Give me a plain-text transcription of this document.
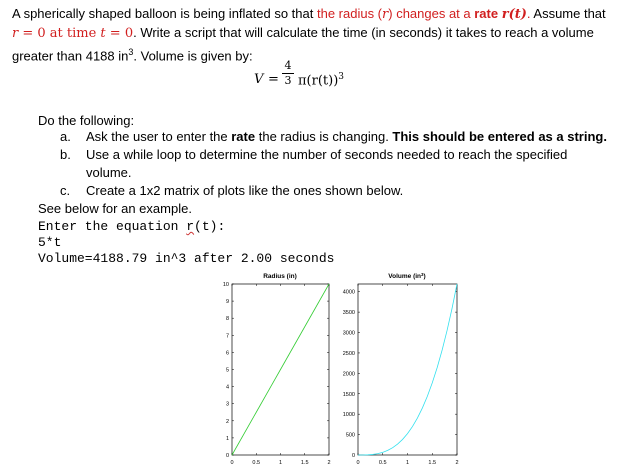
A spherically shaped balloon is being inflated so that the radius (r) changes at a rate r(t). Assume that
r = 0 at time t = 0. Write a script that will calculate the time (in seconds) it takes to reach a volume
greater than 4188 $in^3$. Volume is given by:
V =
4
3 $\pi(r(t))^3$
Do the following:
a. Ask the user to enter the rate the radius is changing. This should be entered as a string.
b. Use a while loop to determine the number of seconds needed to reach the specified
volume.
c. Create a 1x2 matrix of plots like the ones shown below.
See below for an example.
Enter the equation r(t):
5*t
Volume=4188.79 in^3 after 2.00 seconds
Radius (in)
0	0.5	1	1.5	2
0
1
2
3
4
5
6
7
8
9
10
Volume $(in^3)$
0	0.5	1	1.5	2
0
500
1000
1500
2000
2500
3000
3500
4000
